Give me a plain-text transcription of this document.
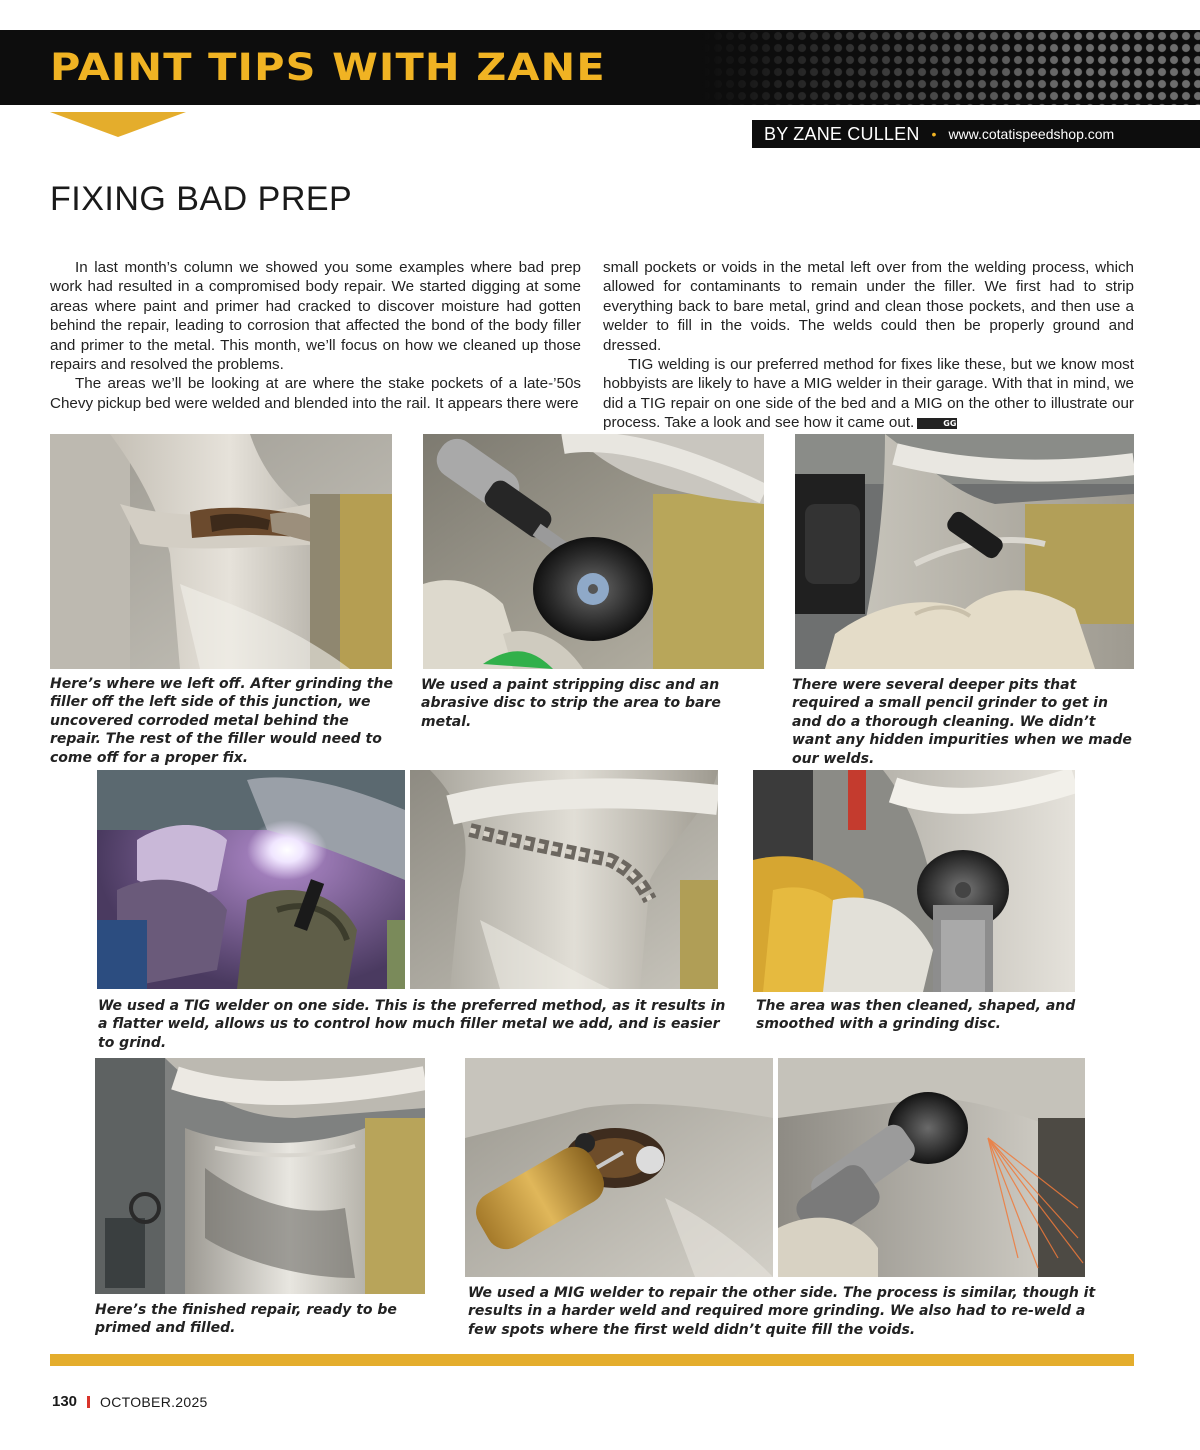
PAINT TIPS WITH ZANE
BY ZANE CULLEN • www.cotatispeedshop.com
FIXING BAD PREP

In last month’s column we showed you some examples where bad prep work had resulted in a compromised body repair. We started digging at some areas where paint and primer had cracked to discover moisture had gotten behind the repair, leading to corrosion that affected the bond of the body filler and primer to the metal. This month, we’ll focus on how we cleaned up those repairs and resolved the problems.

The areas we’ll be looking at are where the stake pockets of a late-’50s Chevy pickup bed were welded and blended into the rail. It appears there were

small pockets or voids in the metal left over from the welding process, which allowed for contaminants to remain under the filler. We first had to strip everything back to bare metal, grind and clean those pockets, and then use a welder to fill in the voids. The welds could then be properly ground and dressed.

TIG welding is our preferred method for fixes like these, but we know most hobbyists are likely to have a MIG welder in their garage. With that in mind, we did a TIG repair on one side of the bed and a MIG on the other to illustrate our process. Take a look and see how it came out.	GG

Here’s where we left off. After grinding the filler off the left side of this junction, we uncovered corroded metal behind the repair. The rest of the filler would need to come off for a proper fix.
We used a paint stripping disc and an abrasive disc to strip the area to bare metal.
There were several deeper pits that required a small pencil grinder to get in and do a thorough cleaning. We didn’t want any hidden impurities when we made our welds.
We used a TIG welder on one side. This is the preferred method, as it results in a flatter weld, allows us to control how much filler metal we add, and is easier to grind.
The area was then cleaned, shaped, and smoothed with a grinding disc.
Here’s the finished repair, ready to be primed and filled.
We used a MIG welder to repair the other side. The process is similar, though it results in a harder weld and required more grinding. We also had to re-weld a few spots where the first weld didn’t quite fill the voids.
130 OCTOBER.2025
